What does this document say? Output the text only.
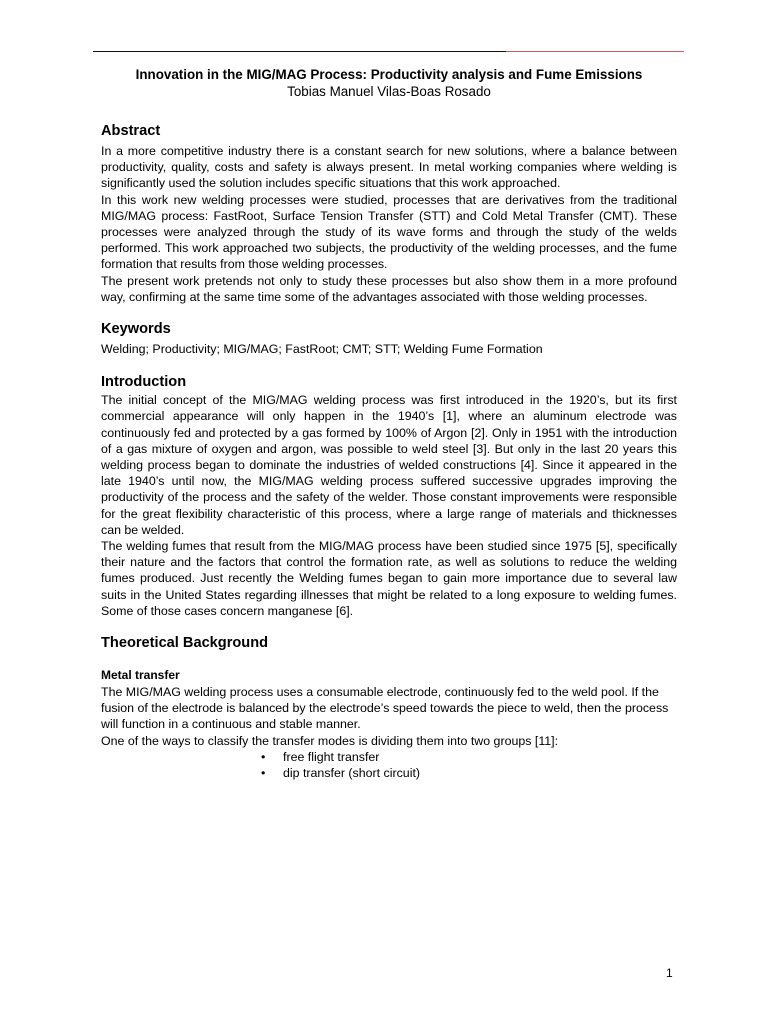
Innovation in the MIG/MAG Process: Productivity analysis and Fume Emissions

Tobias Manuel Vilas-Boas Rosado

Abstract

In a more competitive industry there is a constant search for new solutions, where a balance between productivity, quality, costs and safety is always present. In metal working companies where welding is significantly used the solution includes specific situations that this work approached.

In this work new welding processes were studied, processes that are derivatives from the traditional MIG/MAG process: FastRoot, Surface Tension Transfer (STT) and Cold Metal Transfer (CMT). These processes were analyzed through the study of its wave forms and through the study of the welds performed. This work approached two subjects, the productivity of the welding processes, and the fume formation that results from those welding processes.

The present work pretends not only to study these processes but also show them in a more profound way, confirming at the same time some of the advantages associated with those welding processes.

Keywords

Welding; Productivity; MIG/MAG; FastRoot; CMT; STT; Welding Fume Formation

Introduction

The initial concept of the MIG/MAG welding process was first introduced in the 1920’s, but its first commercial appearance will only happen in the 1940’s [1], where an aluminum electrode was continuously fed and protected by a gas formed by 100% of Argon [2]. Only in 1951 with the introduction of a gas mixture of oxygen and argon, was possible to weld steel [3]. But only in the last 20 years this welding process began to dominate the industries of welded constructions [4]. Since it appeared in the late 1940’s until now, the MIG/MAG welding process suffered successive upgrades improving the productivity of the process and the safety of the welder. Those constant improvements were responsible for the great flexibility characteristic of this process, where a large range of materials and thicknesses can be welded.

The welding fumes that result from the MIG/MAG process have been studied since 1975 [5], specifically their nature and the factors that control the formation rate, as well as solutions to reduce the welding fumes produced. Just recently the Welding fumes began to gain more importance due to several law suits in the United States regarding illnesses that might be related to a long exposure to welding fumes. Some of those cases concern manganese [6].

Theoretical Background
Metal transfer

The MIG/MAG welding process uses a consumable electrode, continuously fed to the weld pool. If the fusion of the electrode is balanced by the electrode’s speed towards the piece to weld, then the process will function in a continuous and stable manner.

One of the ways to classify the transfer modes is dividing them into two groups [11]:

• free flight transfer
• dip transfer (short circuit)
1
